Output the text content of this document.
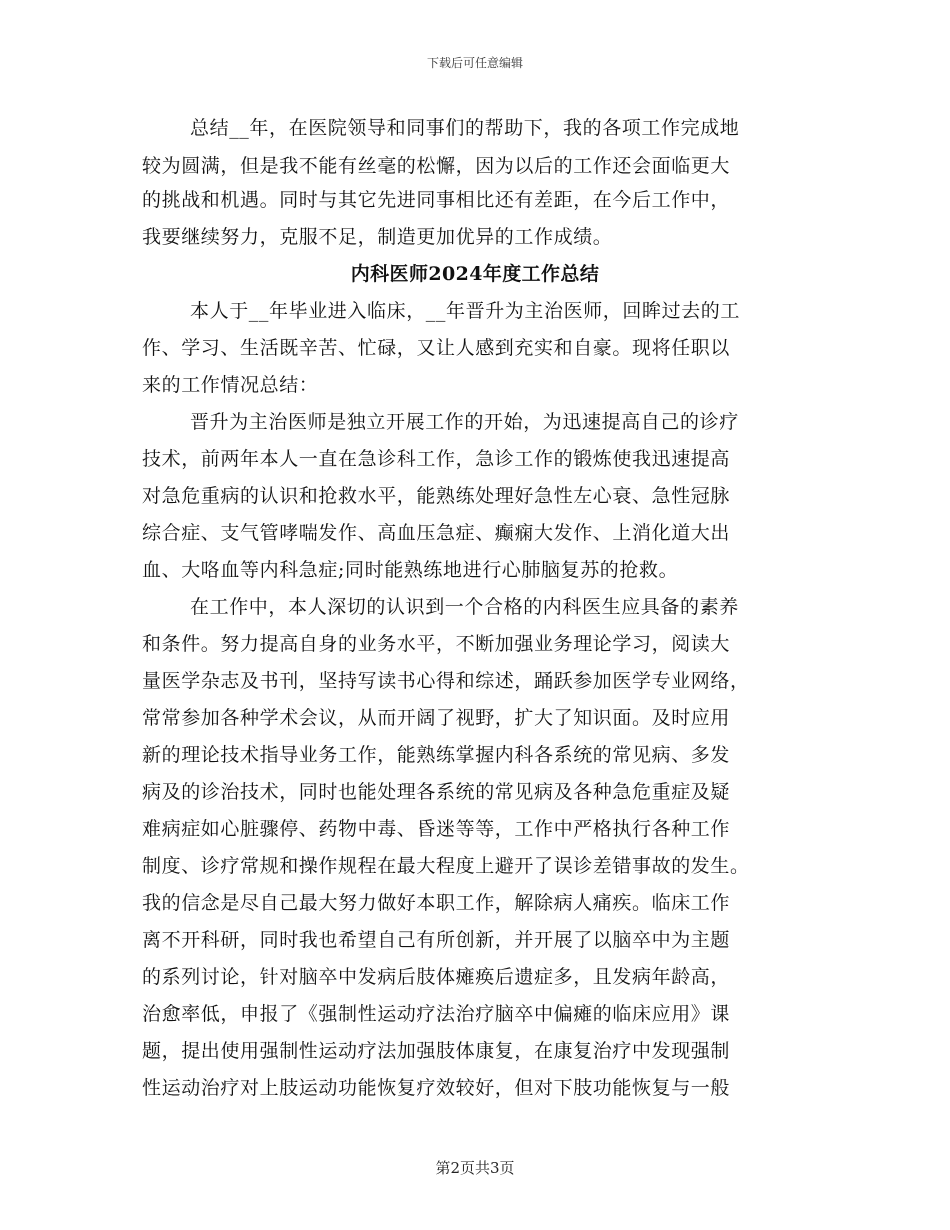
下载后可任意编辑
总结__年，在医院领导和同事们的帮助下，我的各项工作完成地
较为圆满，但是我不能有丝毫的松懈，因为以后的工作还会面临更大
的挑战和机遇。同时与其它先进同事相比还有差距，在今后工作中，
我要继续努力，克服不足，制造更加优异的工作成绩。
内科医师2024年度工作总结
本人于__年毕业进入临床，__年晋升为主治医师，回眸过去的工
作、学习、生活既辛苦、忙碌，又让人感到充实和自豪。现将任职以
来的工作情况总结：
晋升为主治医师是独立开展工作的开始，为迅速提高自己的诊疗
技术，前两年本人一直在急诊科工作，急诊工作的锻炼使我迅速提高
对急危重病的认识和抢救水平，能熟练处理好急性左心衰、急性冠脉
综合症、支气管哮喘发作、高血压急症、癫痫大发作、上消化道大出
血、大咯血等内科急症;同时能熟练地进行心肺脑复苏的抢救。
在工作中，本人深切的认识到一个合格的内科医生应具备的素养
和条件。努力提高自身的业务水平，不断加强业务理论学习，阅读大
量医学杂志及书刊，坚持写读书心得和综述，踊跃参加医学专业网络，
常常参加各种学术会议，从而开阔了视野，扩大了知识面。及时应用
新的理论技术指导业务工作，能熟练掌握内科各系统的常见病、多发
病及的诊治技术，同时也能处理各系统的常见病及各种急危重症及疑
难病症如心脏骤停、药物中毒、昏迷等等，工作中严格执行各种工作
制度、诊疗常规和操作规程在最大程度上避开了误诊差错事故的发生。
我的信念是尽自己最大努力做好本职工作，解除病人痛疾。临床工作
离不开科研，同时我也希望自己有所创新，并开展了以脑卒中为主题
的系列讨论，针对脑卒中发病后肢体瘫痪后遗症多，且发病年龄高，
治愈率低，申报了《强制性运动疗法治疗脑卒中偏瘫的临床应用》课
题，提出使用强制性运动疗法加强肢体康复，在康复治疗中发现强制
性运动治疗对上肢运动功能恢复疗效较好，但对下肢功能恢复与一般
第2页共3页
